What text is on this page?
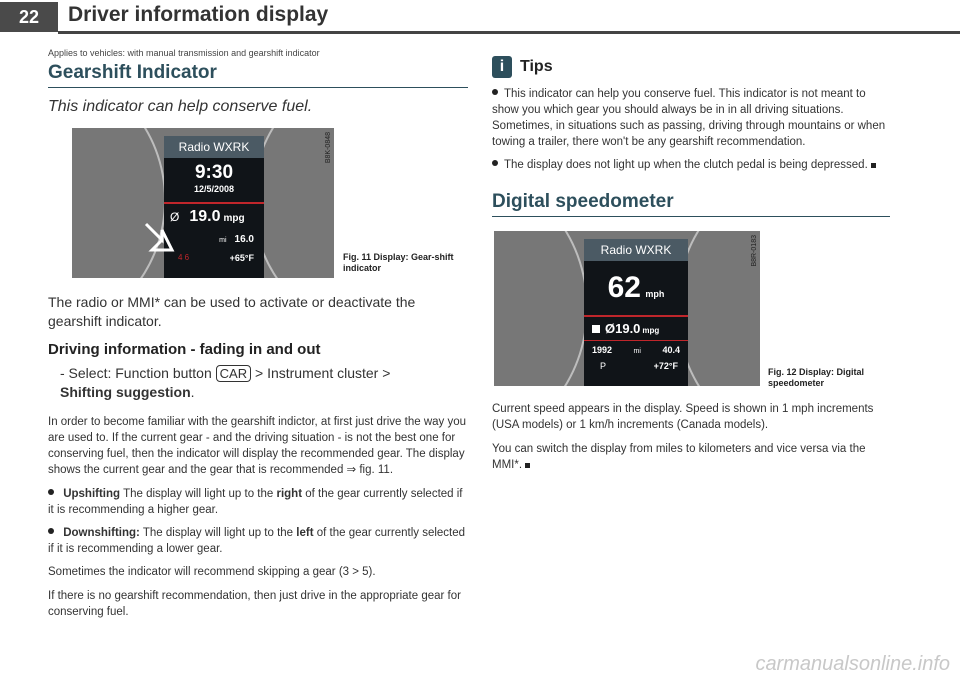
22	Driver information display

Applies to vehicles: with manual transmission and gearshift indicator

Gearshift Indicator

This indicator can help conserve fuel.

Radio WXRK
9:30
12/5/2008
Ø 19.0 mpg
mi 16.0
4 6	+65°F
B8K-0848
Fig. 11 Display: Gear-shift indicator

The radio or MMI* can be used to activate or deactivate the gearshift indicator.

Driving information - fading in and out
- Select: Function button CAR > Instrument cluster >
Shifting suggestion.

In order to become familiar with the gearshift indictor, at first just drive the way you are used to. If the current gear - and the driving situation - is not the best one for conserving fuel, then the indicator will display the recommended gear. The display shows the current gear and the gear that is recommended ⇒ fig. 11.

Upshifting The display will light up to the right of the gear currently selected if it is recommending a higher gear.

Downshifting: The display will light up to the left of the gear currently selected if it is recommending a lower gear.

Sometimes the indicator will recommend skipping a gear (3 > 5).

If there is no gearshift recommendation, then just drive in the appropriate gear for conserving fuel.

i Tips

This indicator can help you conserve fuel. This indicator is not meant to show you which gear you should always be in in all driving situations. Sometimes, in situations such as passing, driving through mountains or when towing a trailer, there won't be any gearshift recommendation.

The display does not light up when the clutch pedal is being depressed.

Digital speedometer
Radio WXRK
62 mph
Ø19.0 mpg
1992	mi 40.4
P	+72°F
B8R-0183
Fig. 12 Display: Digital speedometer

Current speed appears in the display. Speed is shown in 1 mph increments (USA models) or 1 km/h increments (Canada models).

You can switch the display from miles to kilometers and vice versa via the MMI*.

carmanualsonline.info
